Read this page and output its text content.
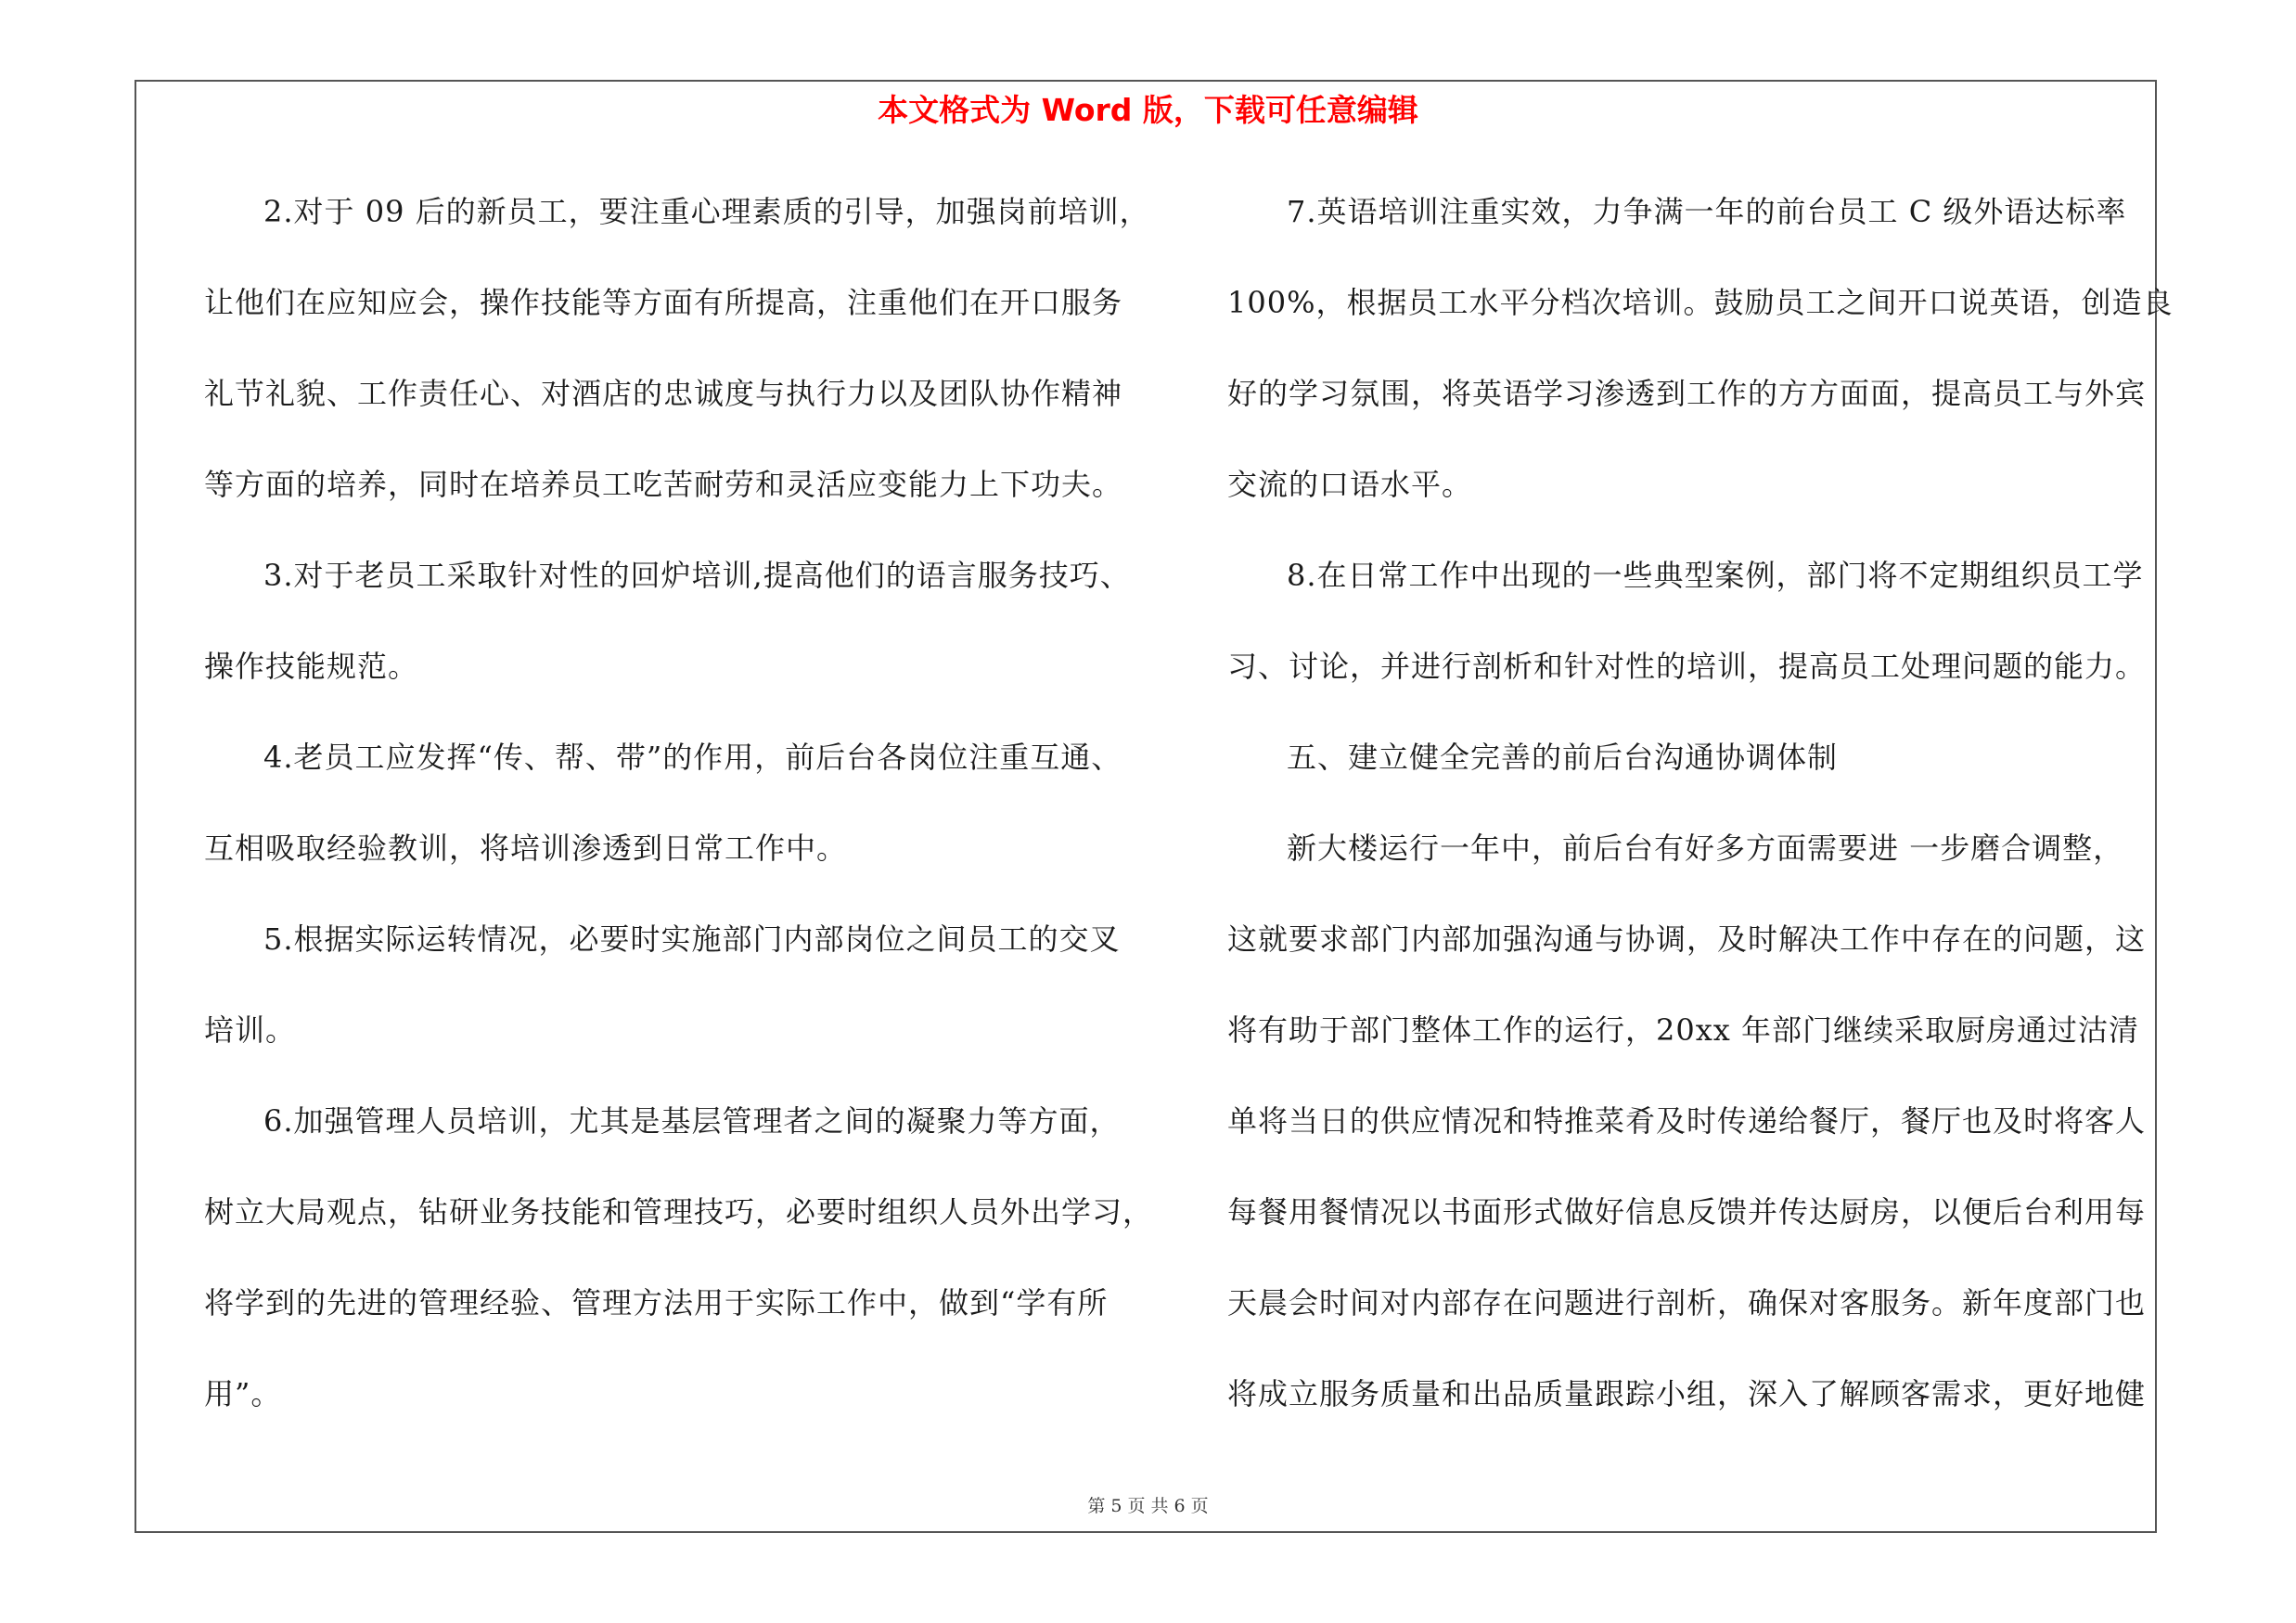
本文格式为 Word 版，下载可任意编辑
2.对于 09 后的新员工，要注重心理素质的引导，加强岗前培训，
让他们在应知应会，操作技能等方面有所提高，注重他们在开口服务
礼节礼貌、工作责任心、对酒店的忠诚度与执行力以及团队协作精神
等方面的培养，同时在培养员工吃苦耐劳和灵活应变能力上下功夫。
3.对于老员工采取针对性的回炉培训,提高他们的语言服务技巧、
操作技能规范。
4.老员工应发挥“传、帮、带”的作用，前后台各岗位注重互通、
互相吸取经验教训，将培训渗透到日常工作中。
5.根据实际运转情况，必要时实施部门内部岗位之间员工的交叉
培训。
6.加强管理人员培训，尤其是基层管理者之间的凝聚力等方面，
树立大局观点，钻研业务技能和管理技巧，必要时组织人员外出学习，
将学到的先进的管理经验、管理方法用于实际工作中，做到“学有所
用”。
7.英语培训注重实效，力争满一年的前台员工 C 级外语达标率
100%，根据员工水平分档次培训。鼓励员工之间开口说英语，创造良
好的学习氛围，将英语学习渗透到工作的方方面面，提高员工与外宾
交流的口语水平。
8.在日常工作中出现的一些典型案例，部门将不定期组织员工学
习、讨论，并进行剖析和针对性的培训，提高员工处理问题的能力。
五、建立健全完善的前后台沟通协调体制
新大楼运行一年中，前后台有好多方面需要进 一步磨合调整，
这就要求部门内部加强沟通与协调，及时解决工作中存在的问题，这
将有助于部门整体工作的运行，20xx 年部门继续采取厨房通过沽清
单将当日的供应情况和特推菜肴及时传递给餐厅，餐厅也及时将客人
每餐用餐情况以书面形式做好信息反馈并传达厨房，以便后台利用每
天晨会时间对内部存在问题进行剖析，确保对客服务。新年度部门也
将成立服务质量和出品质量跟踪小组，深入了解顾客需求，更好地健
第 5 页 共 6 页
